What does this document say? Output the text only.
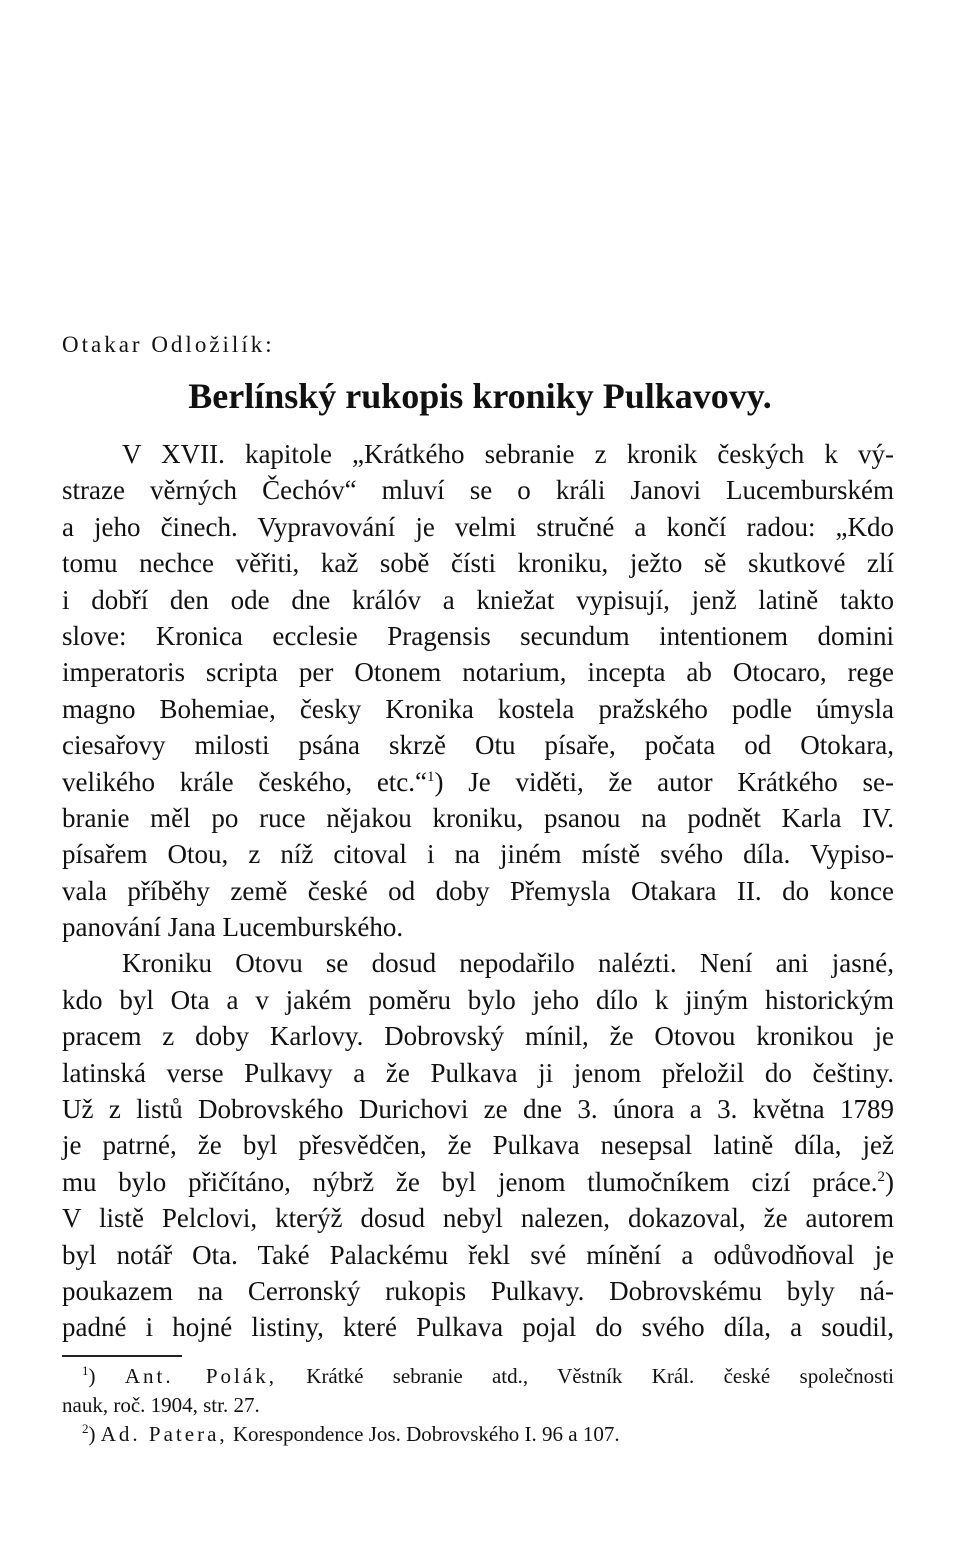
Otakar Odložilík:

Berlínský rukopis kroniky Pulkavovy.
V XVII. kapitole „Krátkého sebranie z kronik českých k vý-
straze věrných Čechóv“ mluví se o králi Janovi Lucemburském
a jeho činech. Vypravování je velmi stručné a končí radou: „Kdo
tomu nechce věřiti, kaž sobě čísti kroniku, ježto sě skutkové zlí
i dobří den ode dne králóv a kniežat vypisují, jenž latině takto
slove: Kronica ecclesie Pragensis secundum intentionem domini
imperatoris scripta per Otonem notarium, incepta ab Otocaro, rege
magno Bohemiae, česky Kronika kostela pražského podle úmysla
ciesařovy milosti psána skrzě Otu písaře, počata od Otokara,
velikého krále českého, etc.“$^1$) Je viděti, že autor Krátkého se-
branie měl po ruce nějakou kroniku, psanou na podnět Karla IV.
písařem Otou, z níž citoval i na jiném místě svého díla. Vypiso-
vala příběhy země české od doby Přemysla Otakara II. do konce
panování Jana Lucemburského.
Kroniku Otovu se dosud nepodařilo nalézti. Není ani jasné,
kdo byl Ota a v jakém poměru bylo jeho dílo k jiným historickým
pracem z doby Karlovy. Dobrovský mínil, že Otovou kronikou je
latinská verse Pulkavy a že Pulkava ji jenom přeložil do češtiny.
Už z listů Dobrovského Durichovi ze dne 3. února a 3. května 1789
je patrné, že byl přesvědčen, že Pulkava nesepsal latině díla, jež
mu bylo přičítáno, nýbrž že byl jenom tlumočníkem cizí práce.$^2$)
V listě Pelclovi, kterýž dosud nebyl nalezen, dokazoval, že autorem
byl notář Ota. Také Palackému řekl své mínění a odůvodňoval je
poukazem na Cerronský rukopis Pulkavy. Dobrovskému byly ná-
padné i hojné listiny, které Pulkava pojal do svého díla, a soudil,
$^1$) Ant. Polák, Krátké sebranie atd., Věstník Král. české společnosti
nauk, roč. 1904, str. 27.
$^2$) Ad. Patera, Korespondence Jos. Dobrovského I. 96 a 107.
